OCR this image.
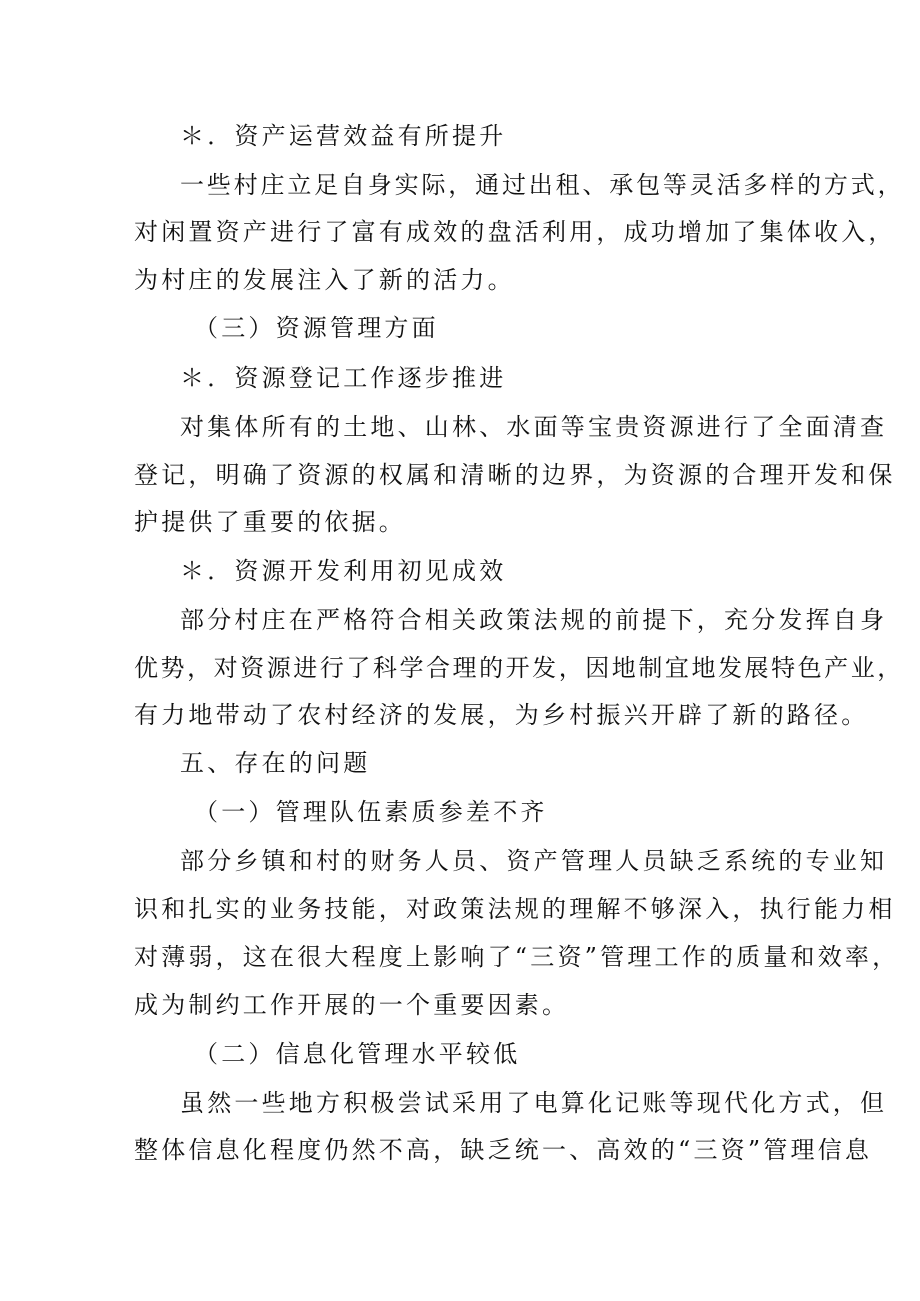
＊．资产运营效益有所提升
一些村庄立足自身实际，通过出租、承包等灵活多样的方式，
对闲置资产进行了富有成效的盘活利用，成功增加了集体收入，
为村庄的发展注入了新的活力。
（三）资源管理方面
＊．资源登记工作逐步推进
对集体所有的土地、山林、水面等宝贵资源进行了全面清查
登记，明确了资源的权属和清晰的边界，为资源的合理开发和保
护提供了重要的依据。
＊．资源开发利用初见成效
部分村庄在严格符合相关政策法规的前提下，充分发挥自身
优势，对资源进行了科学合理的开发，因地制宜地发展特色产业，
有力地带动了农村经济的发展，为乡村振兴开辟了新的路径。
五、存在的问题
（一）管理队伍素质参差不齐
部分乡镇和村的财务人员、资产管理人员缺乏系统的专业知
识和扎实的业务技能，对政策法规的理解不够深入，执行能力相
对薄弱，这在很大程度上影响了“三资”管理工作的质量和效率，
成为制约工作开展的一个重要因素。
（二）信息化管理水平较低
虽然一些地方积极尝试采用了电算化记账等现代化方式，但
整体信息化程度仍然不高，缺乏统一、高效的“三资”管理信息
